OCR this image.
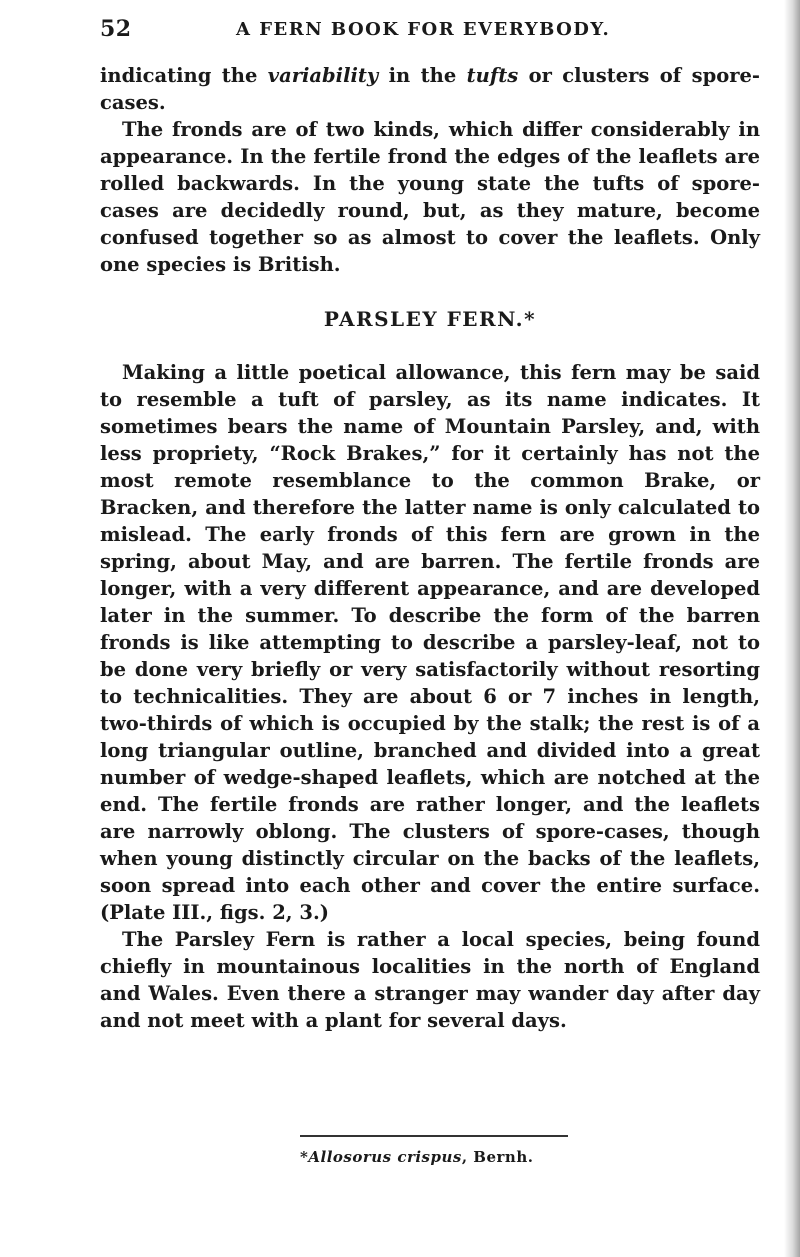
52	A FERN BOOK FOR EVERYBODY.

indicating the variability in the tufts or clusters of spore-cases.

The fronds are of two kinds, which differ considerably in appearance. In the fertile frond the edges of the leaflets are rolled backwards. In the young state the tufts of spore-cases are decidedly round, but, as they mature, become confused together so as almost to cover the leaflets. Only one species is British.

PARSLEY FERN.*

Making a little poetical allowance, this fern may be said to resemble a tuft of parsley, as its name indicates. It sometimes bears the name of Mountain Parsley, and, with less propriety, “Rock Brakes,” for it certainly has not the most remote resemblance to the common Brake, or Bracken, and therefore the latter name is only calculated to mislead. The early fronds of this fern are grown in the spring, about May, and are barren. The fertile fronds are longer, with a very different appearance, and are developed later in the summer. To describe the form of the barren fronds is like attempting to describe a parsley-leaf, not to be done very briefly or very satisfactorily without resorting to technicalities. They are about 6 or 7 inches in length, two-thirds of which is occupied by the stalk; the rest is of a long triangular outline, branched and divided into a great number of wedge-shaped leaflets, which are notched at the end. The fertile fronds are rather longer, and the leaflets are narrowly oblong. The clusters of spore-cases, though when young distinctly circular on the backs of the leaflets, soon spread into each other and cover the entire surface. (Plate III., figs. 2, 3.)

The Parsley Fern is rather a local species, being found chiefly in mountainous localities in the north of England and Wales. Even there a stranger may wander day after day and not meet with a plant for several days.

*Allosorus crispus, Bernh.
